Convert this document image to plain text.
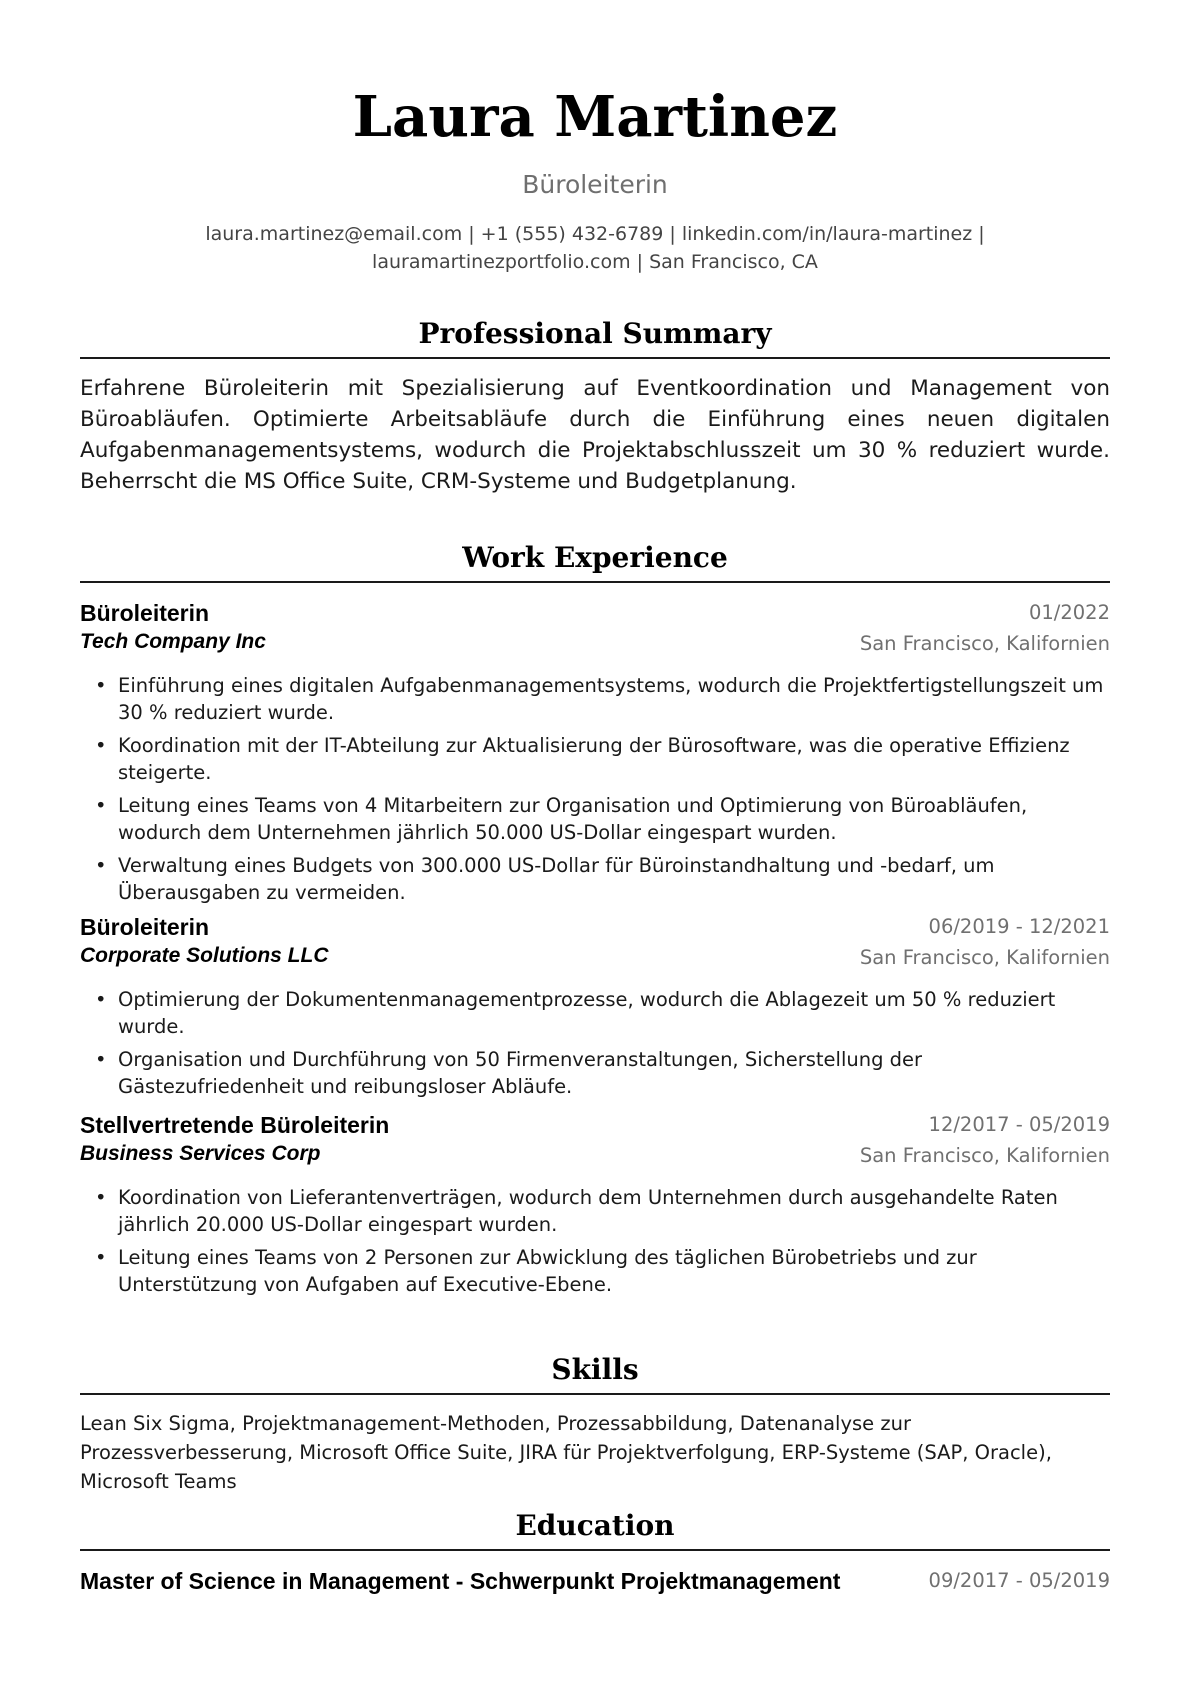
Laura Martinez
Büroleiterin
laura.martinez@email.com | +1 (555) 432-6789 | linkedin.com/in/laura-martinez | lauramartinezportfolio.com | San Francisco, CA
Professional Summary

Erfahrene Büroleiterin mit Spezialisierung auf Eventkoordination und Management von Büroabläufen. Optimierte Arbeitsabläufe durch die Einführung eines neuen digitalen Aufgabenmanagementsystems, wodurch die Projektabschlusszeit um 30 % reduziert wurde. Beherrscht die MS Office Suite, CRM-Systeme und Budgetplanung.

Work Experience
Büroleiterin	01/2022
Tech Company Inc	San Francisco, Kalifornien
• Einführung eines digitalen Aufgabenmanagementsystems, wodurch die Projektfertigstellungszeit um 30 % reduziert wurde.
• Koordination mit der IT-Abteilung zur Aktualisierung der Bürosoftware, was die operative Effizienz steigerte.
• Leitung eines Teams von 4 Mitarbeitern zur Organisation und Optimierung von Büroabläufen, wodurch dem Unternehmen jährlich 50.000 US-Dollar eingespart wurden.
• Verwaltung eines Budgets von 300.000 US-Dollar für Büroinstandhaltung und -bedarf, um Überausgaben zu vermeiden.
Büroleiterin	06/2019 - 12/2021
Corporate Solutions LLC	San Francisco, Kalifornien
• Optimierung der Dokumentenmanagementprozesse, wodurch die Ablagezeit um 50 % reduziert wurde.
• Organisation und Durchführung von 50 Firmenveranstaltungen, Sicherstellung der Gästezufriedenheit und reibungsloser Abläufe.
Stellvertretende Büroleiterin	12/2017 - 05/2019
Business Services Corp	San Francisco, Kalifornien
• Koordination von Lieferantenverträgen, wodurch dem Unternehmen durch ausgehandelte Raten jährlich 20.000 US-Dollar eingespart wurden.
• Leitung eines Teams von 2 Personen zur Abwicklung des täglichen Bürobetriebs und zur Unterstützung von Aufgaben auf Executive-Ebene.
Skills

Lean Six Sigma, Projektmanagement-Methoden, Prozessabbildung, Datenanalyse zur Prozessverbesserung, Microsoft Office Suite, JIRA für Projektverfolgung, ERP-Systeme (SAP, Oracle), Microsoft Teams

Education
Master of Science in Management - Schwerpunkt Projektmanagement	09/2017 - 05/2019
